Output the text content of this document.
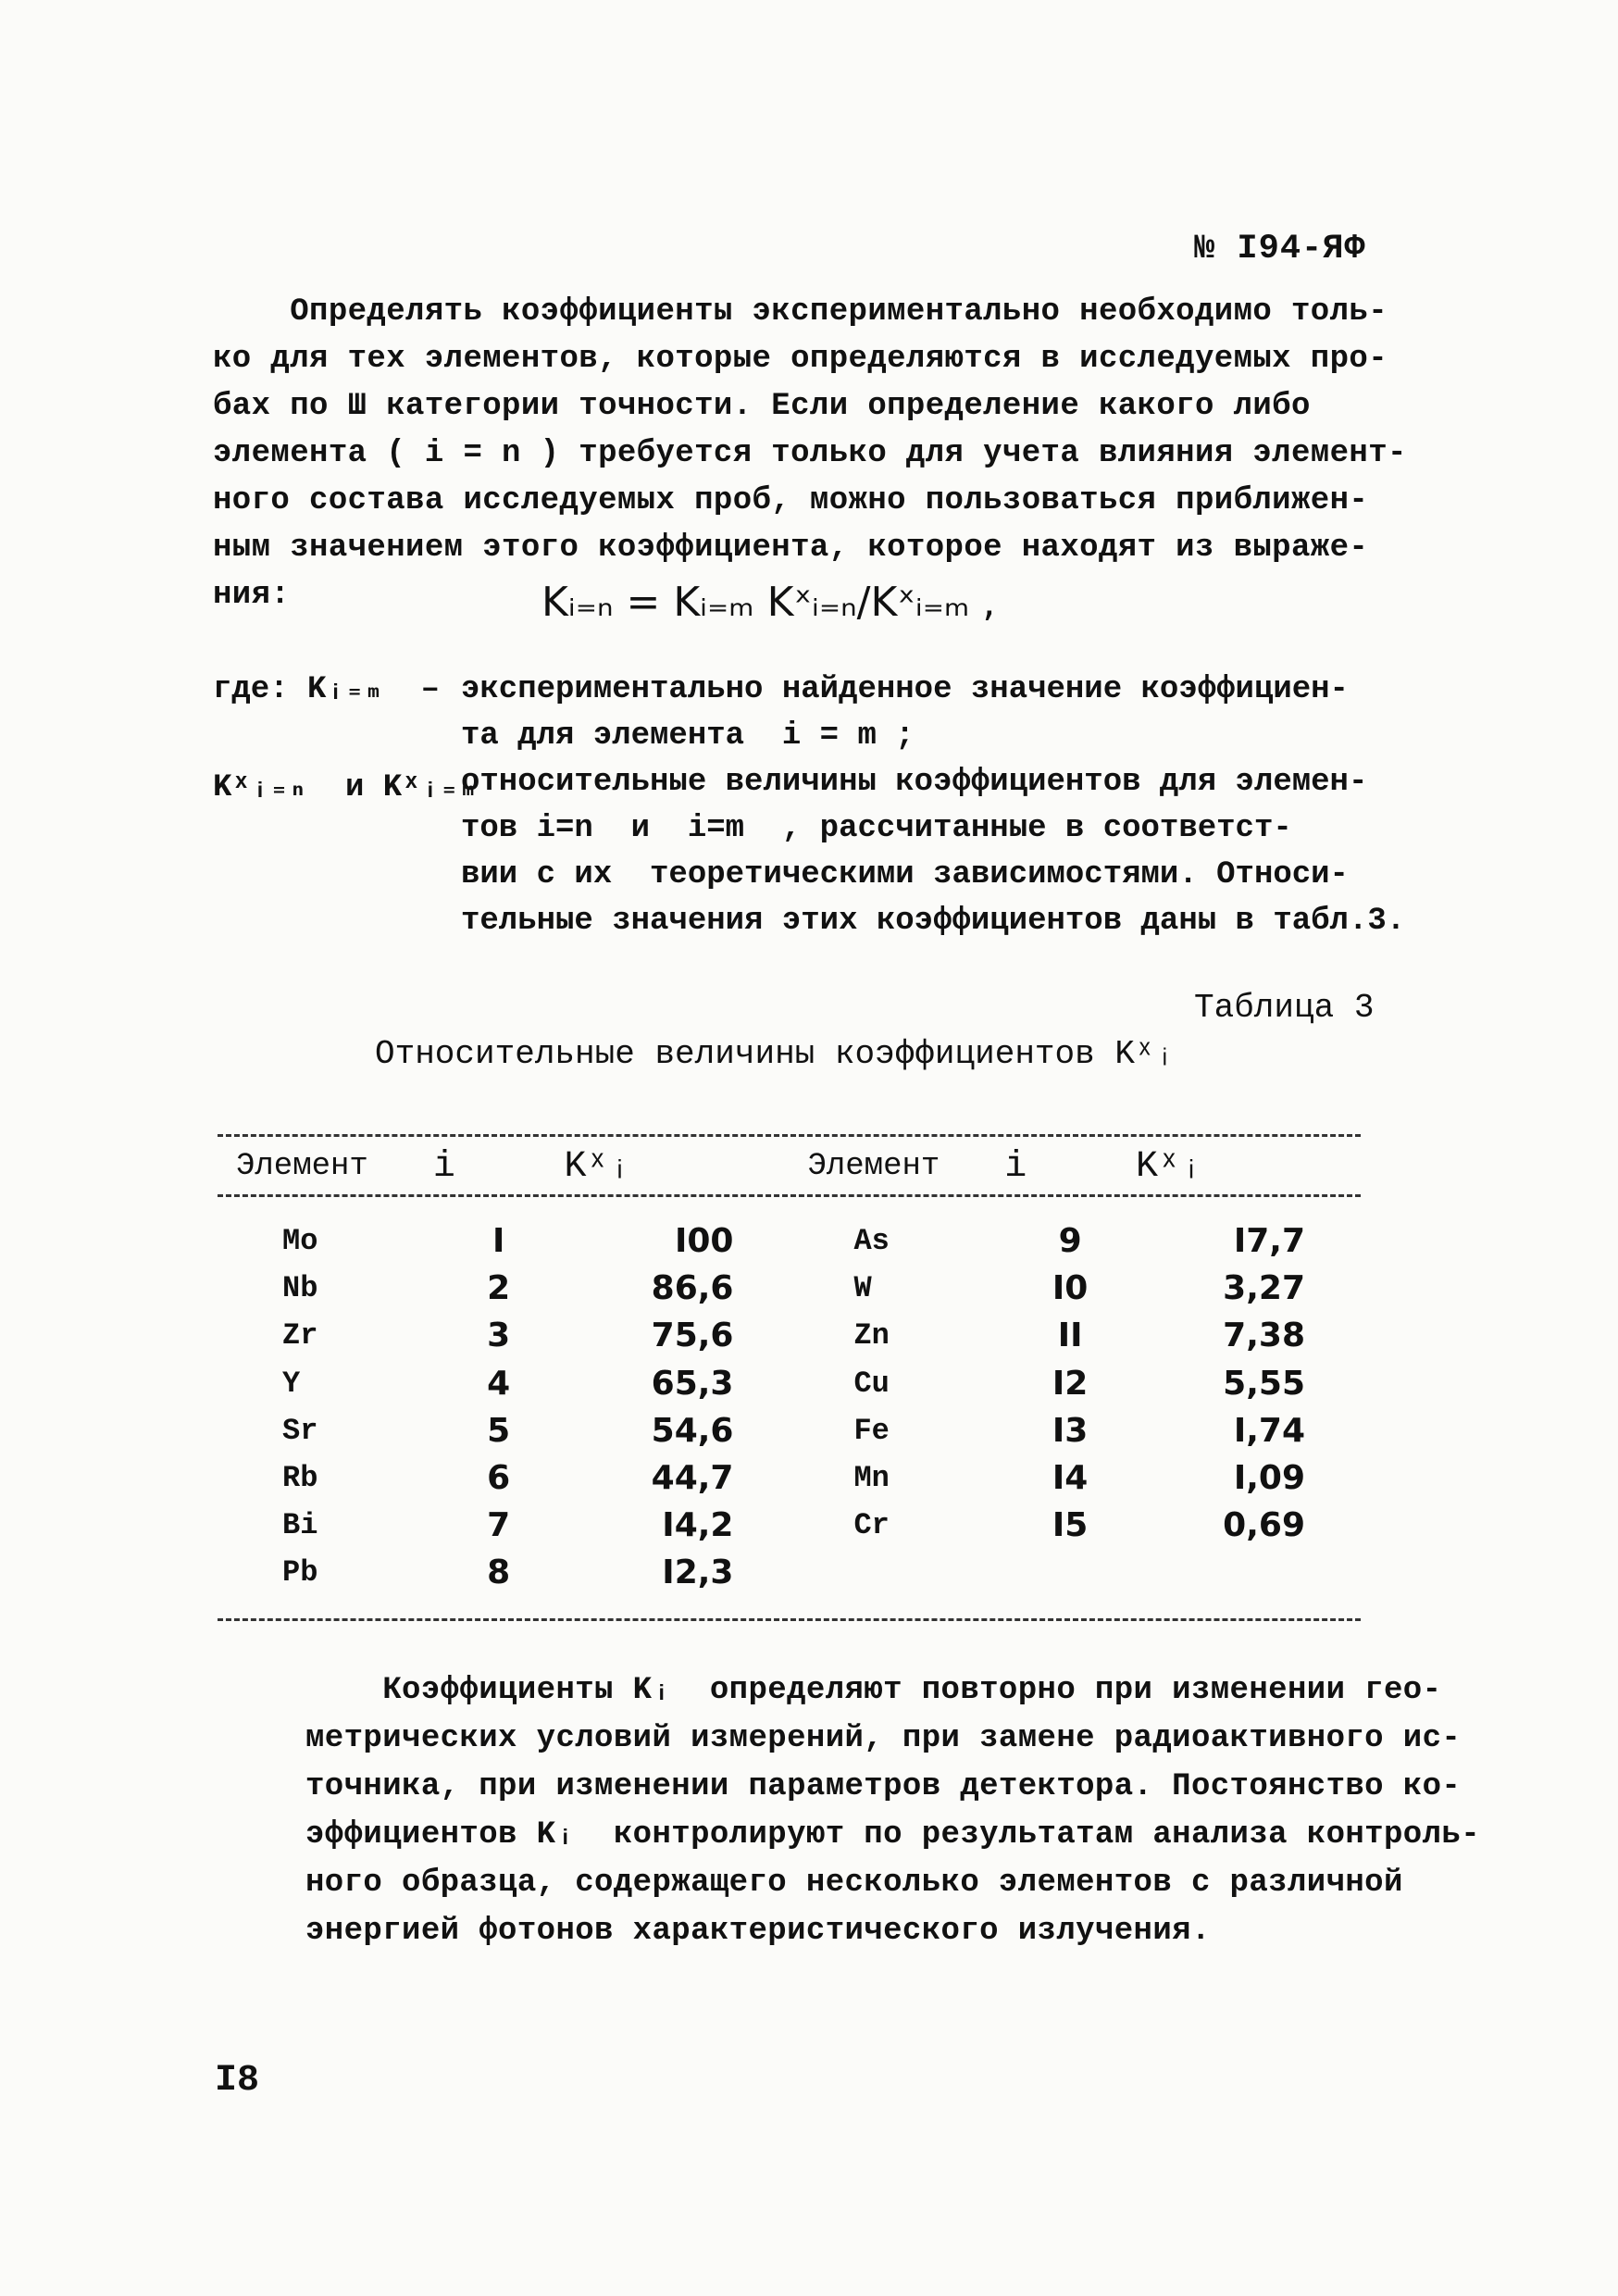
№ I94-ЯФ
Определять коэффициенты экспериментально необходимо толь-
ко для тех элементов, которые определяются в исследуемых про-
бах по Ш категории точности. Если определение какого либо
элемента ( i = n ) требуется только для учета влияния элемент-
ного состава исследуемых проб, можно пользоваться приближен-
ным значением этого коэффициента, которое находят из выраже-
ния:	Kᵢ₌ₙ = Kᵢ₌ₘ Kˣᵢ₌ₙ/Kˣᵢ₌ₘ ,
где: Kᵢ₌ₘ  – экспериментально найденное значение коэффициен-
та для элемента  i = m ;
Kˣᵢ₌ₙ  и Kˣᵢ₌ₘ
относительные величины коэффициентов для элемен-
тов i=n  и  i=m  , рассчитанные в соответст-
вии с их  теоретическими зависимостями. Относи-
тельные значения этих коэффициентов даны в табл.3.
Таблица 3
Относительные величины коэффициентов Kˣᵢ
Элемент	i	Kˣᵢ	Элемент	i	Kˣᵢ

Mo	I	I00	As	9	I7,7
Nb	2	86,6	W	I0	3,27
Zr	3	75,6	Zn	II	7,38
Y	4	65,3	Cu	I2	5,55
Sr	5	54,6	Fe	I3	I,74
Rb	6	44,7	Mn	I4	I,09
Bi	7	I4,2	Cr	I5	0,69
Pb	8	I2,3			
Коэффициенты Kᵢ  определяют повторно при изменении гео-
метрических условий измерений, при замене радиоактивного ис-
точника, при изменении параметров детектора. Постоянство ко-
эффициентов Kᵢ  контролируют по результатам анализа контроль-
ного образца, содержащего несколько элементов с различной
энергией фотонов характеристического излучения.
I8
